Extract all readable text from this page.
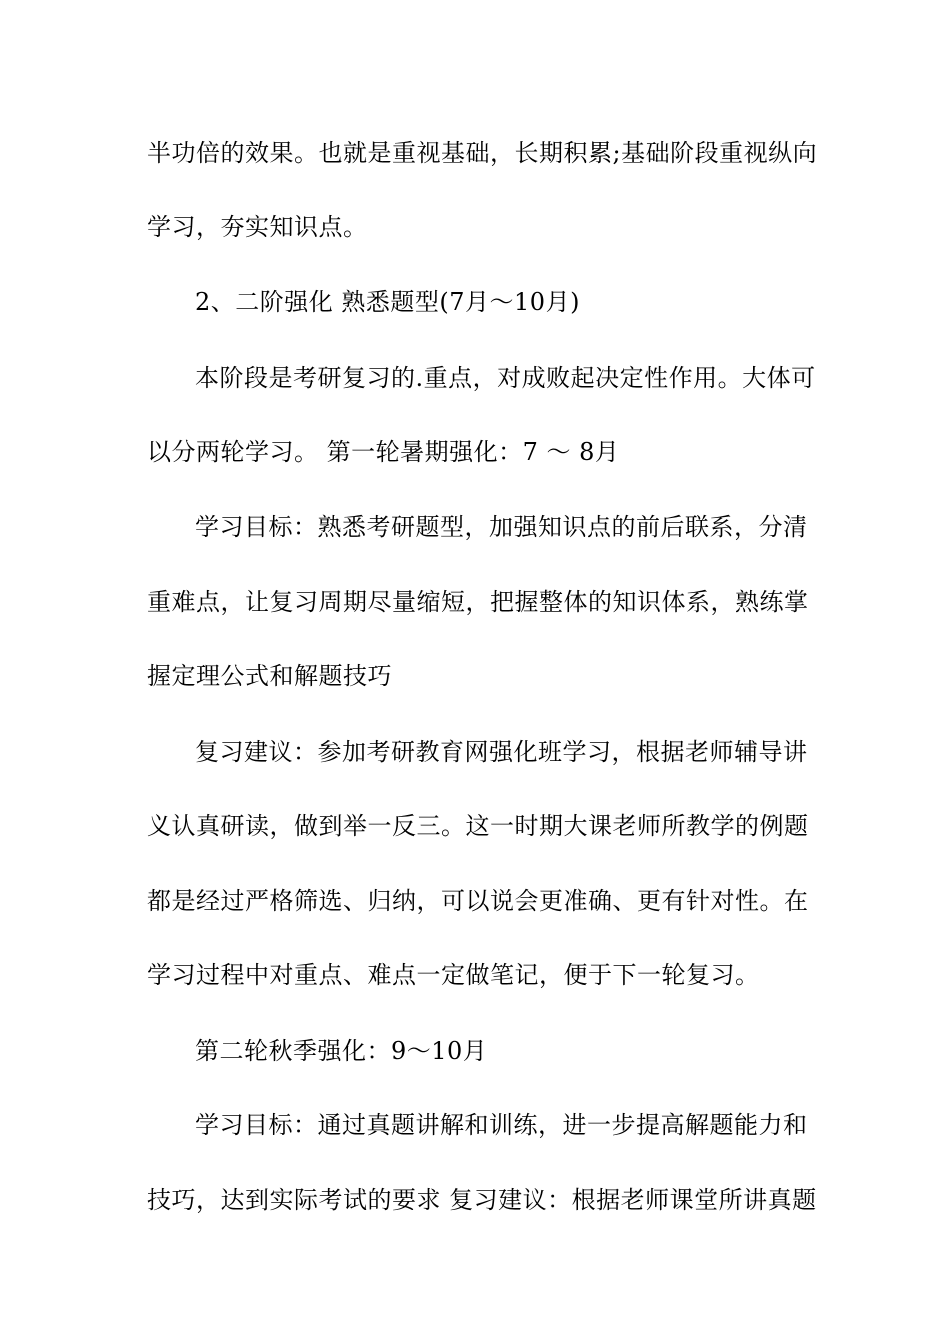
半功倍的效果。也就是重视基础，长期积累;基础阶段重视纵向
学习，夯实知识点。
2、二阶强化 熟悉题型(7月～10月)
本阶段是考研复习的.重点，对成败起决定性作用。大体可
以分两轮学习。 第一轮暑期强化：7 ～ 8月
学习目标：熟悉考研题型，加强知识点的前后联系，分清
重难点，让复习周期尽量缩短，把握整体的知识体系，熟练掌
握定理公式和解题技巧
复习建议：参加考研教育网强化班学习，根据老师辅导讲
义认真研读，做到举一反三。这一时期大课老师所教学的例题
都是经过严格筛选、归纳，可以说会更准确、更有针对性。在
学习过程中对重点、难点一定做笔记，便于下一轮复习。
第二轮秋季强化：9～10月
学习目标：通过真题讲解和训练，进一步提高解题能力和
技巧，达到实际考试的要求 复习建议：根据老师课堂所讲真题
